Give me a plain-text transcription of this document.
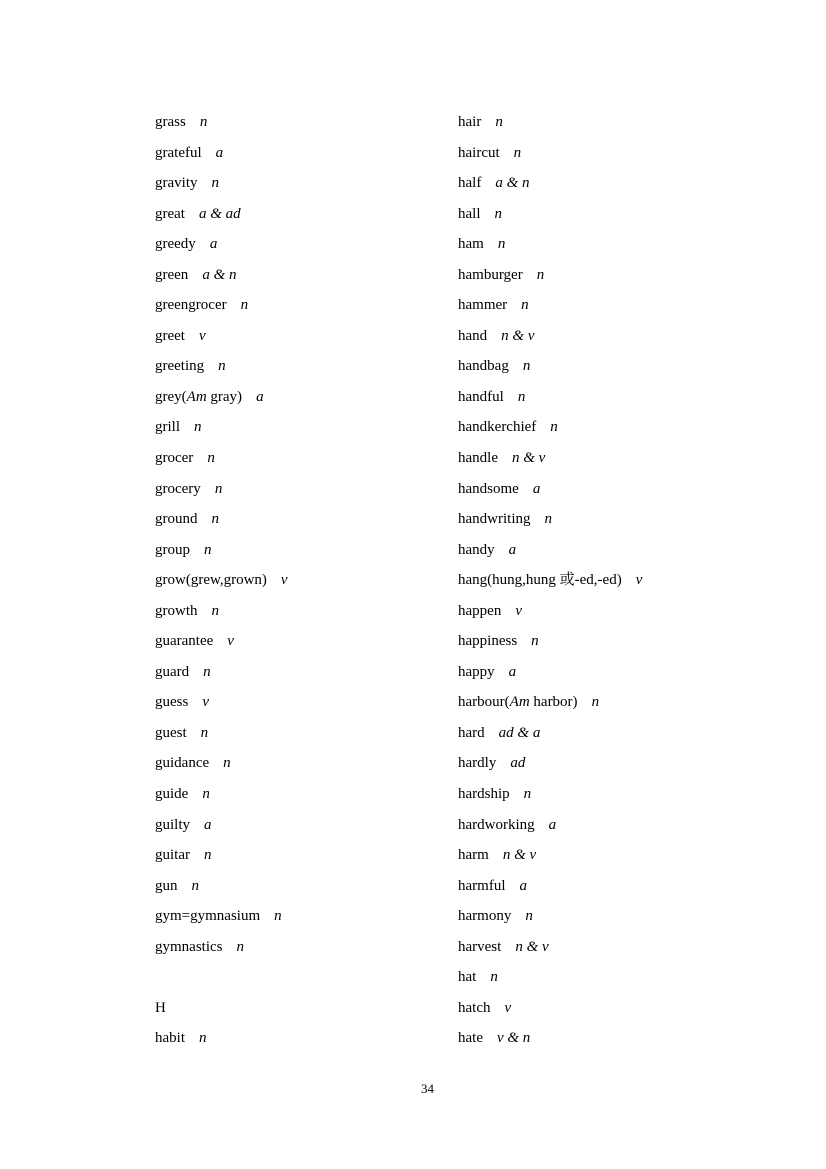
grass n
grateful a
gravity n
great a & ad
greedy a
green a & n
greengrocer n
greet v
greeting n
grey(Am gray) a
grill n
grocer n
grocery n
ground n
group n
grow(grew,grown) v
growth n
guarantee v
guard n
guess v
guest n
guidance n
guide n
guilty a
guitar n
gun n
gym=gymnasium n
gymnastics n
H
habit n
hair n
haircut n
half a & n
hall n
ham n
hamburger n
hammer n
hand n & v
handbag n
handful n
handkerchief n
handle n & v
handsome a
handwriting n
handy a
hang(hung,hung 或-ed,-ed) v
happen v
happiness n
happy a
harbour(Am harbor) n
hard ad & a
hardly ad
hardship n
hardworking a
harm n & v
harmful a
harmony n
harvest n & v
hat n
hatch v
hate v & n
34
